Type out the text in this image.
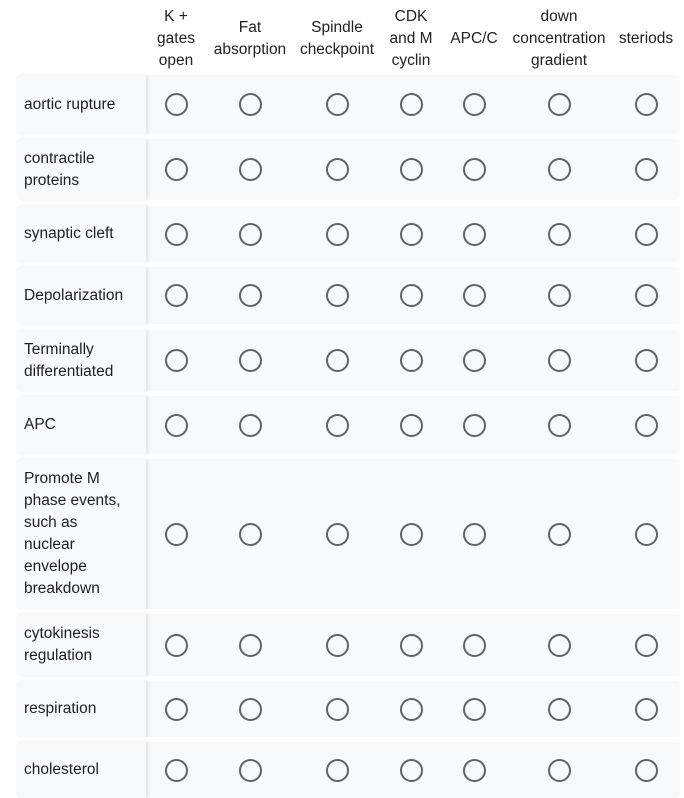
K +
gates
open
Fat
absorption
Spindle
checkpoint
CDK
and M
cyclin
APC/C
down
concentration
gradient
steriods
aortic rupture
contractile
proteins
synaptic cleft
Depolarization
Terminally
differentiated
APC
Promote M
phase events,
such as
nuclear
envelope
breakdown
cytokinesis
regulation
respiration
cholesterol
